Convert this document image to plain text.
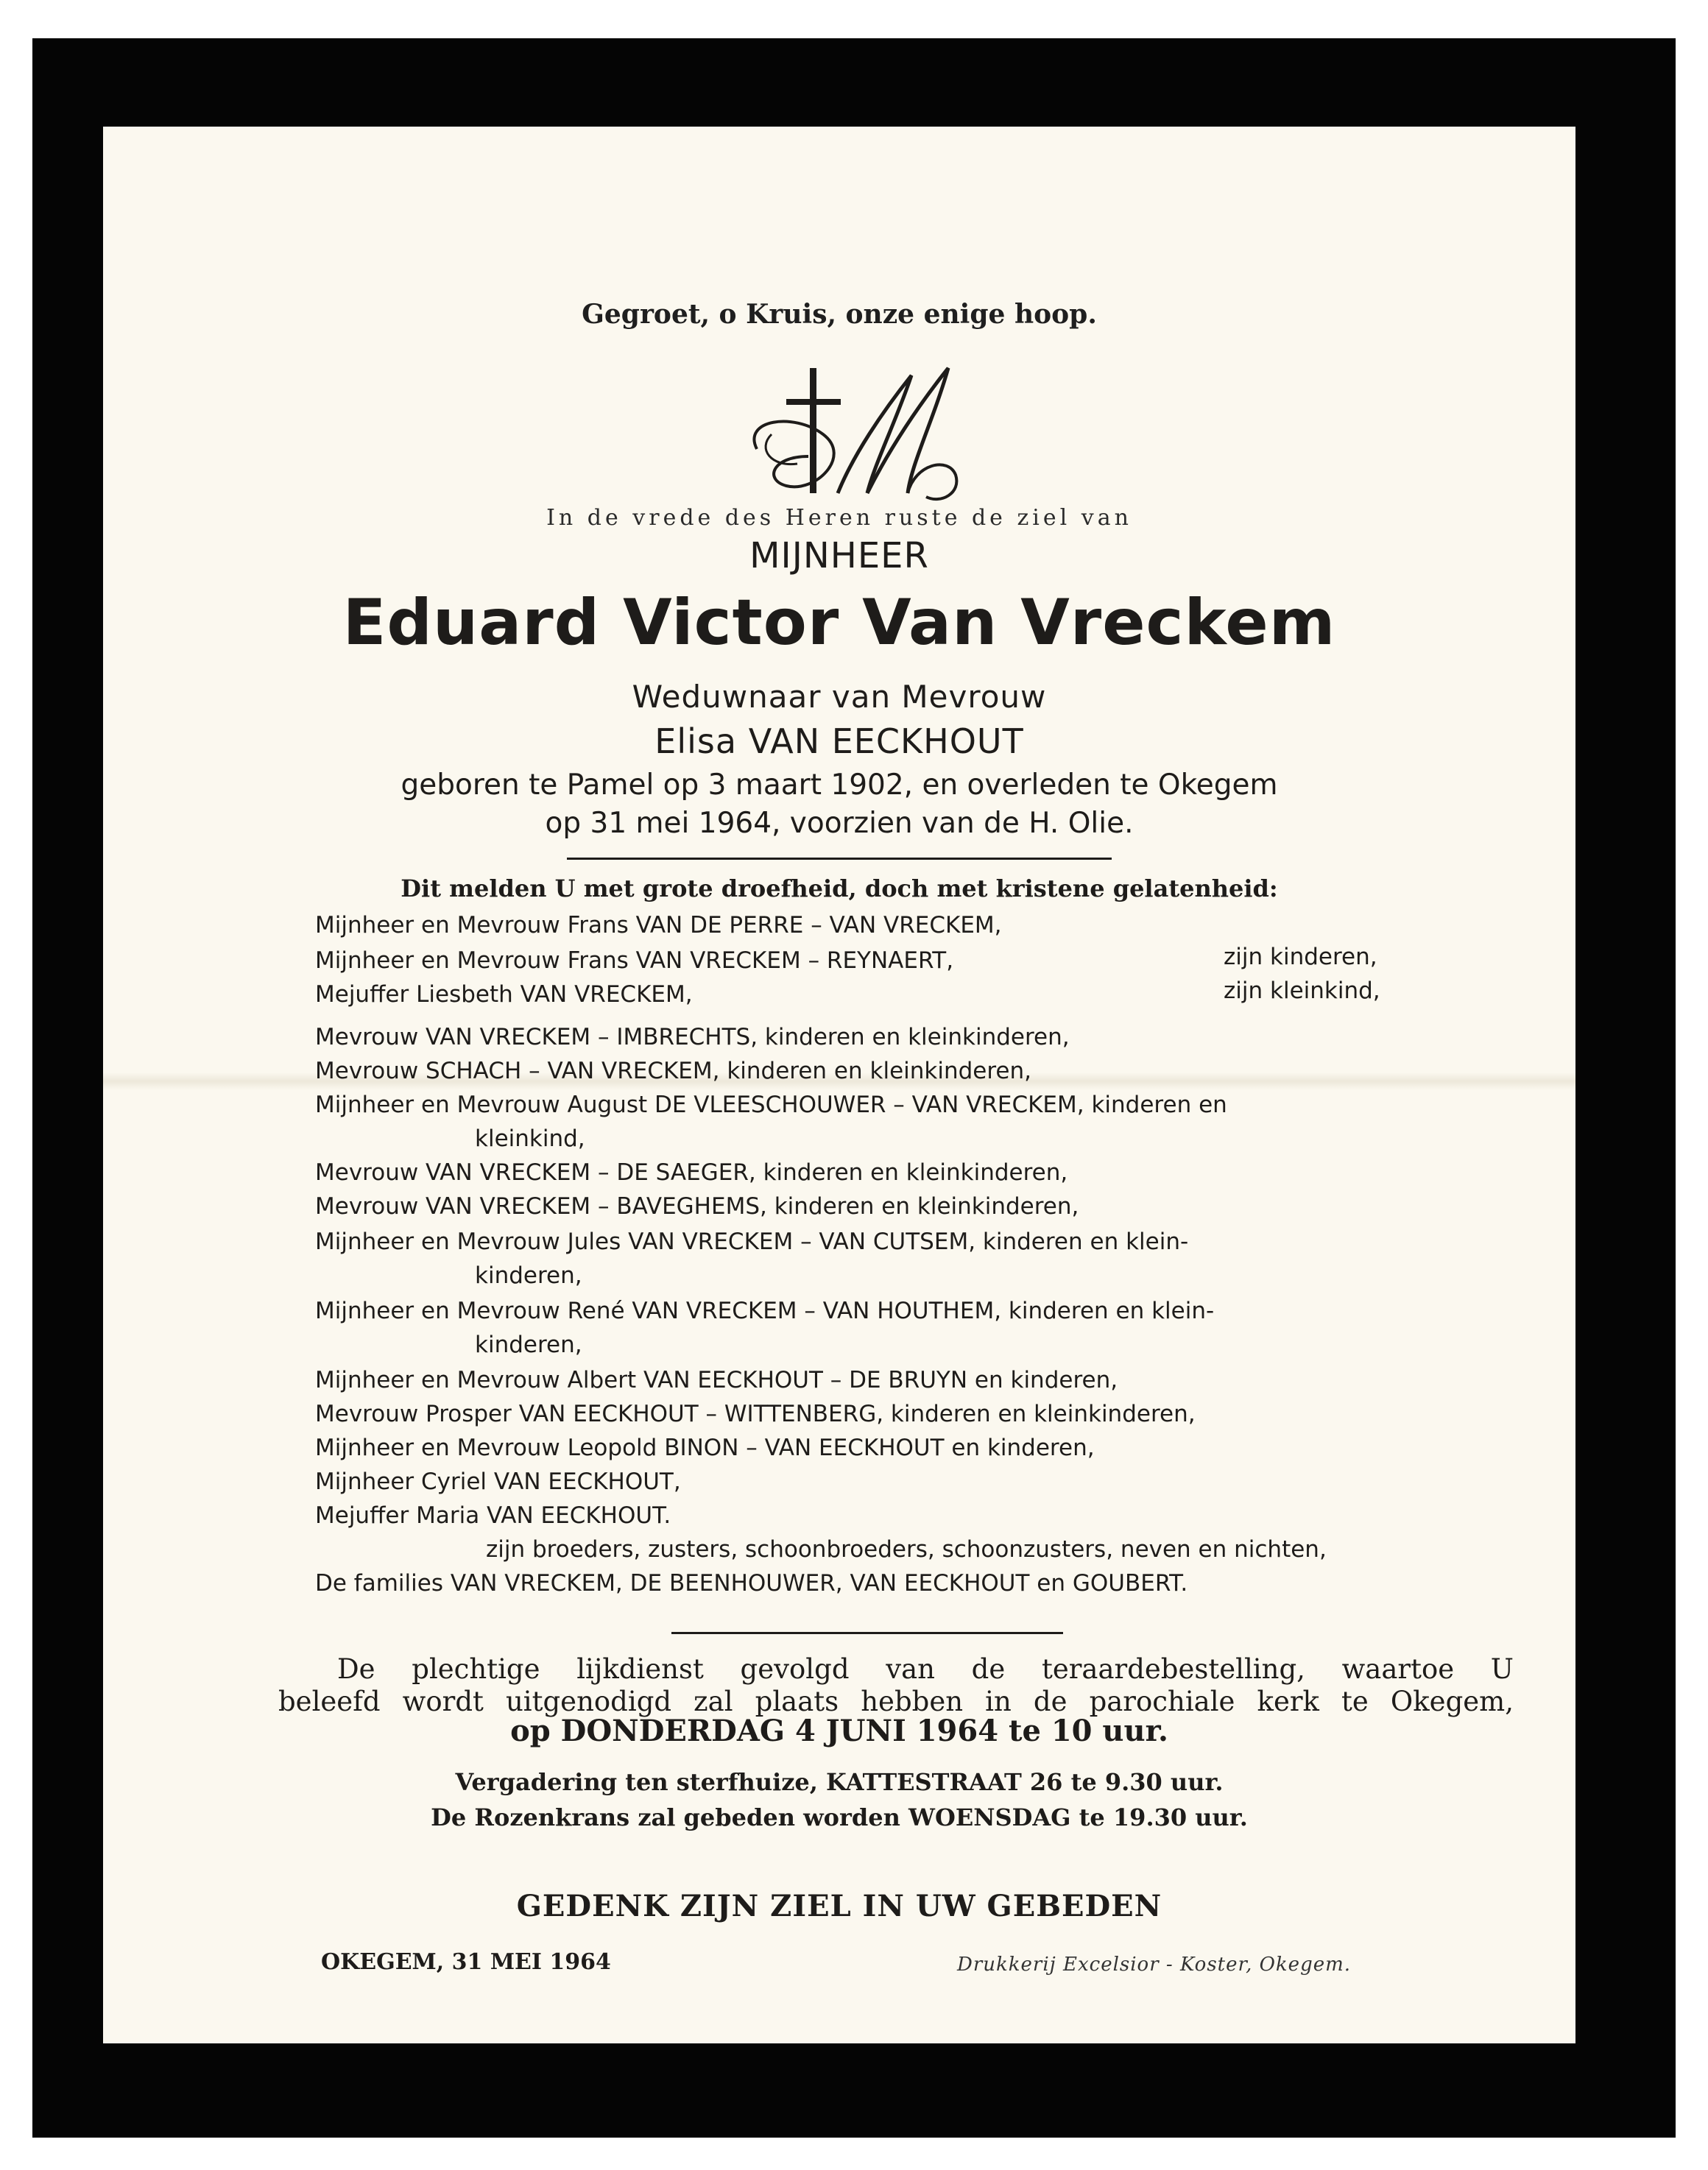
Gegroet, o Kruis, onze enige hoop.
In de vrede des Heren ruste de ziel van
MIJNHEER
Eduard Victor Van Vreckem
Weduwnaar van Mevrouw
Elisa VAN EECKHOUT
geboren te Pamel op 3 maart 1902, en overleden te Okegem
op 31 mei 1964, voorzien van de H. Olie.
Dit melden U met grote droefheid, doch met kristene gelatenheid:
Mijnheer en Mevrouw Frans VAN DE PERRE – VAN VRECKEM,
Mijnheer en Mevrouw Frans VAN VRECKEM – REYNAERT,	zijn kinderen,
Mejuffer Liesbeth VAN VRECKEM,	zijn kleinkind,
Mevrouw VAN VRECKEM – IMBRECHTS, kinderen en kleinkinderen,
Mevrouw SCHACH – VAN VRECKEM, kinderen en kleinkinderen,
Mijnheer en Mevrouw August DE VLEESCHOUWER – VAN VRECKEM, kinderen en
kleinkind,
Mevrouw VAN VRECKEM – DE SAEGER, kinderen en kleinkinderen,
Mevrouw VAN VRECKEM – BAVEGHEMS, kinderen en kleinkinderen,
Mijnheer en Mevrouw Jules VAN VRECKEM – VAN CUTSEM, kinderen en klein-
kinderen,
Mijnheer en Mevrouw René VAN VRECKEM – VAN HOUTHEM, kinderen en klein-
kinderen,
Mijnheer en Mevrouw Albert VAN EECKHOUT – DE BRUYN en kinderen,
Mevrouw Prosper VAN EECKHOUT – WITTENBERG, kinderen en kleinkinderen,
Mijnheer en Mevrouw Leopold BINON – VAN EECKHOUT en kinderen,
Mijnheer Cyriel VAN EECKHOUT,
Mejuffer Maria VAN EECKHOUT.
zijn broeders, zusters, schoonbroeders, schoonzusters, neven en nichten,
De families VAN VRECKEM, DE BEENHOUWER, VAN EECKHOUT en GOUBERT.
De plechtige lijkdienst gevolgd van de teraardebestelling, waartoe U
beleefd wordt uitgenodigd zal plaats hebben in de parochiale kerk te Okegem,
op DONDERDAG 4 JUNI 1964 te 10 uur.
Vergadering ten sterfhuize, KATTESTRAAT 26 te 9.30 uur.
De Rozenkrans zal gebeden worden WOENSDAG te 19.30 uur.
GEDENK ZIJN ZIEL IN UW GEBEDEN
OKEGEM, 31 MEI 1964	Drukkerij Excelsior - Koster, Okegem.
